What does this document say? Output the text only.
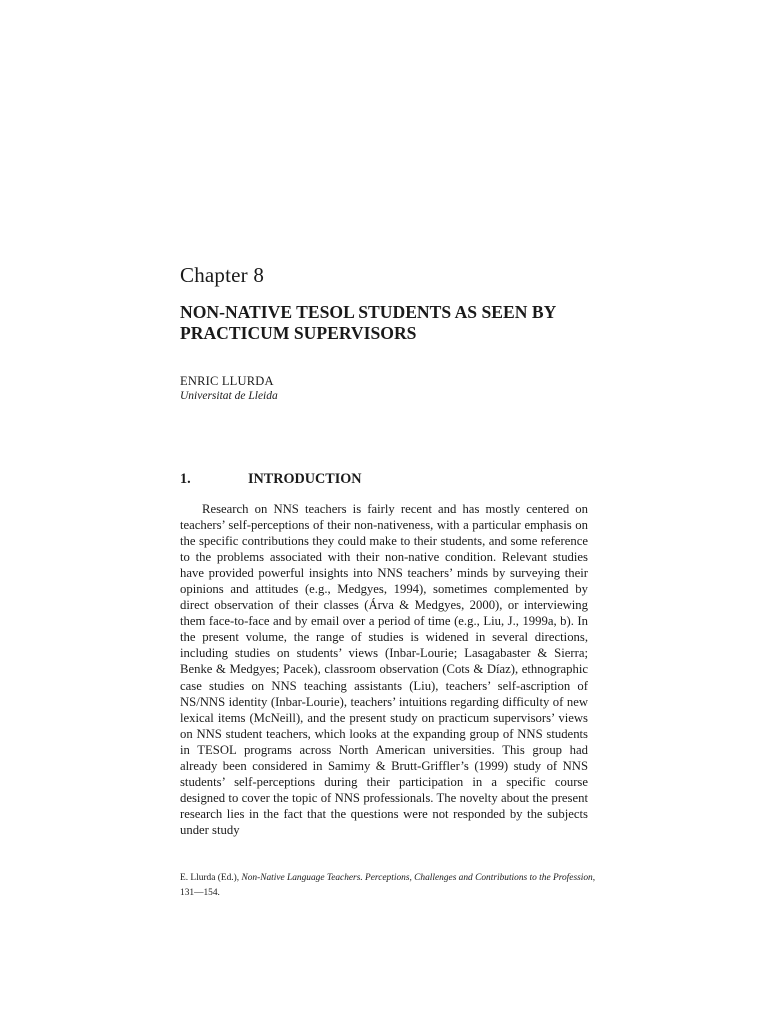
Chapter 8
NON-NATIVE TESOL STUDENTS AS SEEN BY PRACTICUM SUPERVISORS
ENRIC LLURDA
Universitat de Lleida
1.	INTRODUCTION

Research on NNS teachers is fairly recent and has mostly centered on teachers’ self-perceptions of their non-nativeness, with a particular emphasis on the specific contributions they could make to their students, and some reference to the problems associated with their non-native condition. Relevant studies have provided powerful insights into NNS teachers’ minds by surveying their opinions and attitudes (e.g., Medgyes, 1994), sometimes complemented by direct observation of their classes (Árva & Medgyes, 2000), or interviewing them face-to-face and by email over a period of time (e.g., Liu, J., 1999a, b). In the present volume, the range of studies is widened in several directions, including studies on students’ views (Inbar-Lourie; Lasagabaster & Sierra; Benke & Medgyes; Pacek), classroom observation (Cots & Díaz), ethnographic case studies on NNS teaching assistants (Liu), teachers’ self-ascription of NS/NNS identity (Inbar-Lourie), teachers’ intuitions regarding difficulty of new lexical items (McNeill), and the present study on practicum supervisors’ views on NNS student teachers, which looks at the expanding group of NNS students in TESOL programs across North American universities. This group had already been considered in Samimy & Brutt-Griffler’s (1999) study of NNS students’ self-perceptions during their participation in a specific course designed to cover the topic of NNS professionals. The novelty about the present research lies in the fact that the questions were not responded by the subjects under study

E. Llurda (Ed.), Non-Native Language Teachers. Perceptions, Challenges and Contributions to the Profession, 131—154.
